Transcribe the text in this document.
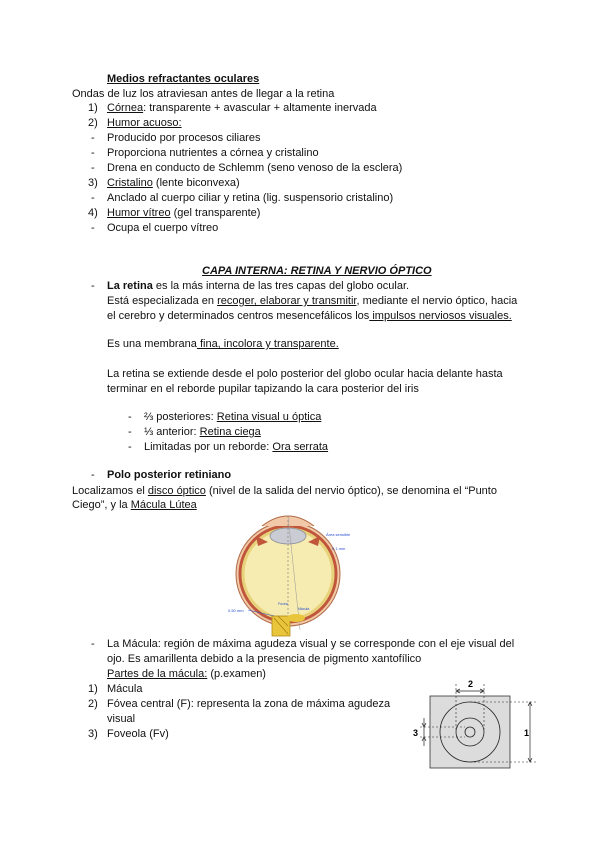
Medios refractantes oculares
Ondas de luz los atraviesan antes de llegar a la retina
1) Córnea: transparente + avascular + altamente inervada
2) Humor acuoso:
- Producido por procesos ciliares
- Proporciona nutrientes a córnea y cristalino
- Drena en conducto de Schlemm (seno venoso de la esclera)
3) Cristalino (lente biconvexa)
- Anclado al cuerpo ciliar y retina (lig. suspensorio cristalino)
4) Humor vítreo (gel transparente)
- Ocupa el cuerpo vítreo
CAPA INTERNA: RETINA Y NERVIO ÓPTICO
- La retina es la más interna de las tres capas del globo ocular.
Está especializada en recoger, elaborar y transmitir, mediante el nervio óptico, hacia
el cerebro y determinados centros mesencefálicos los impulsos nerviosos visuales.
Es una membrana fina, incolora y transparente.
La retina se extiende desde el polo posterior del globo ocular hacia delante hasta
terminar en el reborde pupilar tapizando la cara posterior del iris
- ⅔ posteriores: Retina visual u óptica
- ⅓ anterior: Retina ciega
- Limitadas por un reborde: Ora serrata
- Polo posterior retiniano
Localizamos el disco óptico (nivel de la salida del nervio óptico), se denomina el “Punto
Ciego”, y la Mácula Lútea
Área sensible
0.1 mm
0.50 mm
Fóvea
Mácula
- La Mácula: región de máxima agudeza visual y se corresponde con el eje visual del
ojo. Es amarillenta debido a la presencia de pigmento xantofílico
Partes de la mácula: (p.examen)
1) Mácula
2) Fóvea central (F): representa la zona de máxima agudeza
visual
3) Foveola (Fv)
2
1
3
